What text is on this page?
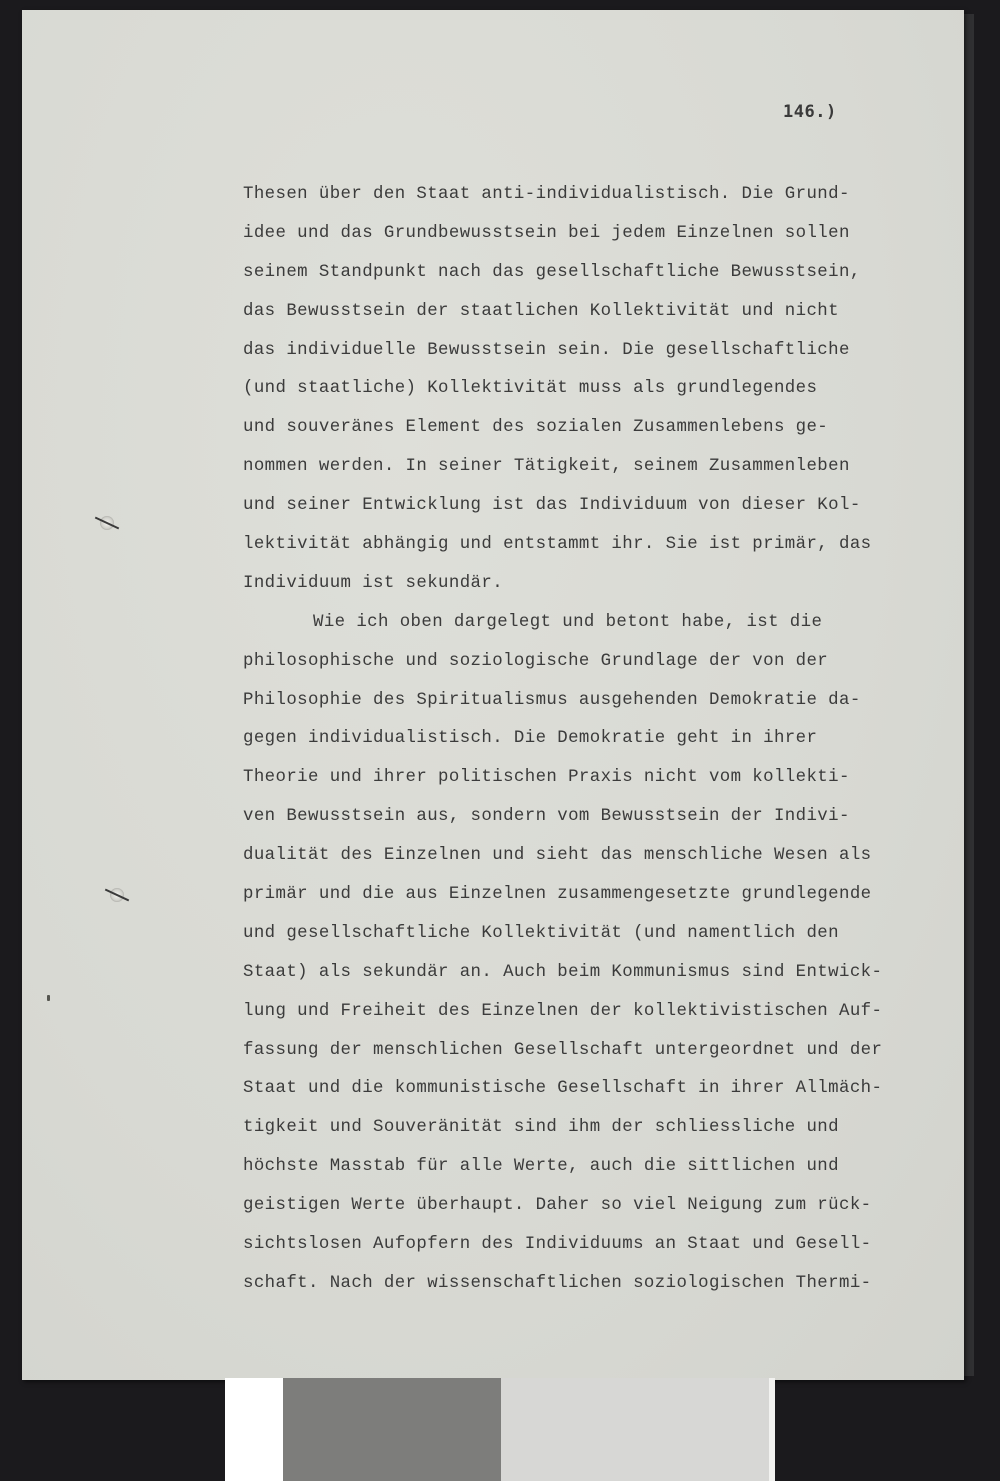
146.)
Thesen über den Staat anti-individualistisch. Die Grund-
idee und das Grundbewusstsein bei jedem Einzelnen sollen
seinem Standpunkt nach das gesellschaftliche Bewusstsein,
das Bewusstsein der staatlichen Kollektivität und nicht
das individuelle Bewusstsein sein. Die gesellschaftliche
(und staatliche) Kollektivität muss als grundlegendes
und souveränes Element des sozialen Zusammenlebens ge-
nommen werden. In seiner Tätigkeit, seinem Zusammenleben
und seiner Entwicklung ist das Individuum von dieser Kol-
lektivität abhängig und entstammt ihr. Sie ist primär, das
Individuum ist sekundär.
Wie ich oben dargelegt und betont habe, ist die
philosophische und soziologische Grundlage der von der
Philosophie des Spiritualismus ausgehenden Demokratie da-
gegen individualistisch. Die Demokratie geht in ihrer
Theorie und ihrer politischen Praxis nicht vom kollekti-
ven Bewusstsein aus, sondern vom Bewusstsein der Indivi-
dualität des Einzelnen und sieht das menschliche Wesen als
primär und die aus Einzelnen zusammengesetzte grundlegende
und gesellschaftliche Kollektivität (und namentlich den
Staat) als sekundär an. Auch beim Kommunismus sind Entwick-
lung und Freiheit des Einzelnen der kollektivistischen Auf-
fassung der menschlichen Gesellschaft untergeordnet und der
Staat und die kommunistische Gesellschaft in ihrer Allmäch-
tigkeit und Souveränität sind ihm der schliessliche und
höchste Masstab für alle Werte, auch die sittlichen und
geistigen Werte überhaupt. Daher so viel Neigung zum rück-
sichtslosen Aufopfern des Individuums an Staat und Gesell-
schaft. Nach der wissenschaftlichen soziologischen Thermi-
